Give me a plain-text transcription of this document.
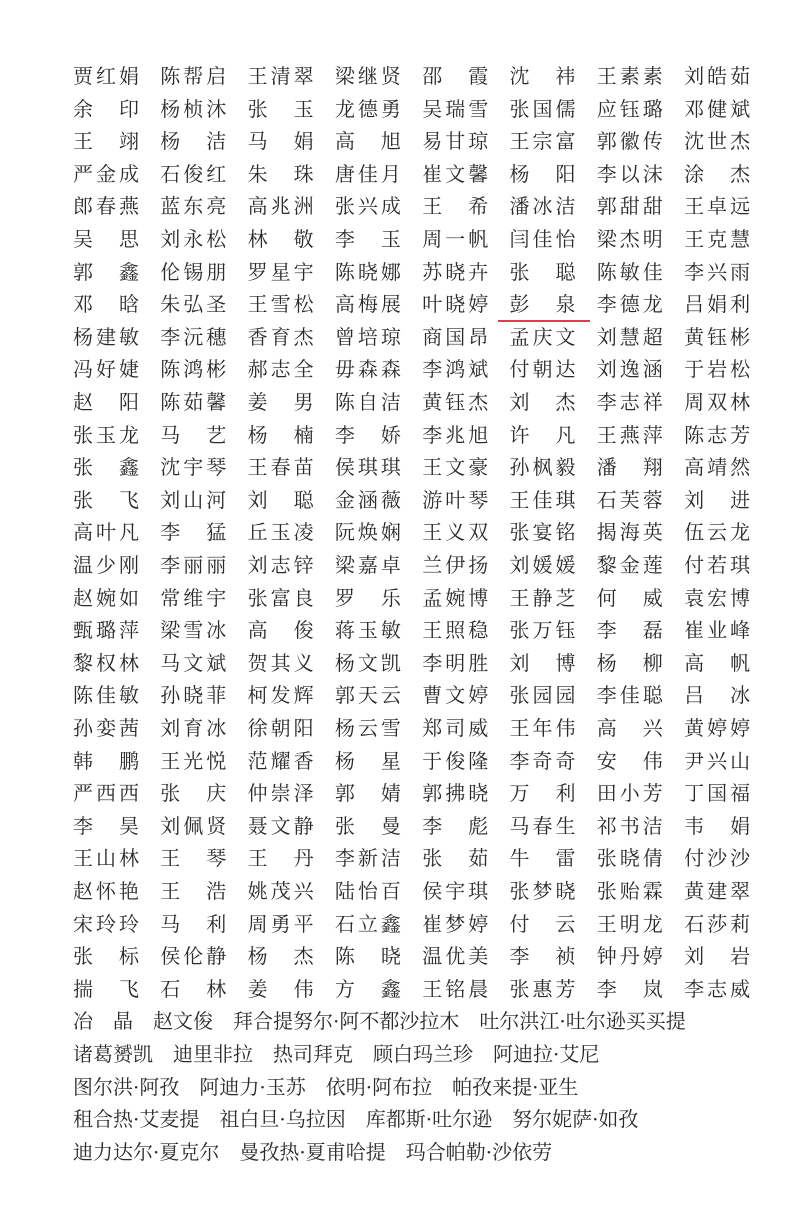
贾 红 娟 陈 帮 启 王 清 翠 梁 继 贤 邵 霞 沈 祎 王 素 素 刘 皓 茹
余 印 杨 桢 沐 张 玉 龙 德 勇 吴 瑞 雪 张 国 儒 应 钰 璐 邓 健 斌
王 翊 杨 洁 马 娟 高 旭 易 甘 琼 王 宗 富 郭 徽 传 沈 世 杰
严 金 成 石 俊 红 朱 珠 唐 佳 月 崔 文 馨 杨 阳 李 以 沫 涂 杰
郎 春 燕 蓝 东 亮 高 兆 洲 张 兴 成 王 希 潘 冰 洁 郭 甜 甜 王 卓 远
吴 思 刘 永 松 林 敬 李 玉 周 一 帆 闫 佳 怡 梁 杰 明 王 克 慧
郭 鑫 伦 锡 朋 罗 星 宇 陈 晓 娜 苏 晓 卉 张 聪 陈 敏 佳 李 兴 雨
邓 晗 朱 弘 圣 王 雪 松 高 梅 展 叶 晓 婷 彭 泉 李 德 龙 吕 娟 利
杨 建 敏 李 沅 穗 香 育 杰 曾 培 琼 商 国 昂 孟 庆 文 刘 慧 超 黄 钰 彬
冯 好 婕 陈 鸿 彬 郝 志 全 毋 森 森 李 鸿 斌 付 朝 达 刘 逸 涵 于 岩 松
赵 阳 陈 茹 馨 姜 男 陈 自 洁 黄 钰 杰 刘 杰 李 志 祥 周 双 林
张 玉 龙 马 艺 杨 楠 李 娇 李 兆 旭 许 凡 王 燕 萍 陈 志 芳
张 鑫 沈 宇 琴 王 春 苗 侯 琪 琪 王 文 豪 孙 枫 毅 潘 翔 高 靖 然
张 飞 刘 山 河 刘 聪 金 涵 薇 游 叶 琴 王 佳 琪 石 芙 蓉 刘 进
高 叶 凡 李 猛 丘 玉 凌 阮 焕 娴 王 义 双 张 宴 铭 揭 海 英 伍 云 龙
温 少 刚 李 丽 丽 刘 志 锌 梁 嘉 卓 兰 伊 扬 刘 媛 媛 黎 金 莲 付 若 琪
赵 婉 如 常 维 宇 张 富 良 罗 乐 孟 婉 博 王 静 芝 何 威 袁 宏 博
甄 璐 萍 梁 雪 冰 高 俊 蒋 玉 敏 王 照 稳 张 万 钰 李 磊 崔 业 峰
黎 权 林 马 文 斌 贺 其 义 杨 文 凯 李 明 胜 刘 博 杨 柳 高 帆
陈 佳 敏 孙 晓 菲 柯 发 辉 郭 天 云 曹 文 婷 张 园 园 李 佳 聪 吕 冰
孙 娈 茜 刘 育 冰 徐 朝 阳 杨 云 雪 郑 司 威 王 年 伟 高 兴 黄 婷 婷
韩 鹏 王 光 悦 范 耀 香 杨 星 于 俊 隆 李 奇 奇 安 伟 尹 兴 山
严 西 西 张 庆 仲 崇 泽 郭 婧 郭 拂 晓 万 利 田 小 芳 丁 国 福
李 昊 刘 佩 贤 聂 文 静 张 曼 李 彪 马 春 生 祁 书 洁 韦 娟
王 山 林 王 琴 王 丹 李 新 洁 张 茹 牛 雷 张 晓 倩 付 沙 沙
赵 怀 艳 王 浩 姚 茂 兴 陆 怡 百 侯 宇 琪 张 梦 晓 张 贻 霖 黄 建 翠
宋 玲 玲 马 利 周 勇 平 石 立 鑫 崔 梦 婷 付 云 王 明 龙 石 莎 莉
张 标 侯 伦 静 杨 杰 陈 晓 温 优 美 李 祯 钟 丹 婷 刘 岩
揣 飞 石 林 姜 伟 方 鑫 王 铭 晨 张 惠 芳 李 岚 李 志 威
冶　晶 赵文俊 拜合提努尔·阿不都沙拉木 吐尔洪江·吐尔逊买买提
诸葛赟凯 迪里非拉 热司拜克 顾白玛兰珍 阿迪拉·艾尼
图尔洪·阿孜 阿迪力·玉苏 依明·阿布拉 帕孜来提·亚生
租合热·艾麦提 祖白旦·乌拉因 库都斯·吐尔逊 努尔妮萨·如孜
迪力达尔·夏克尔 曼孜热·夏甫哈提 玛合帕勒·沙依劳
